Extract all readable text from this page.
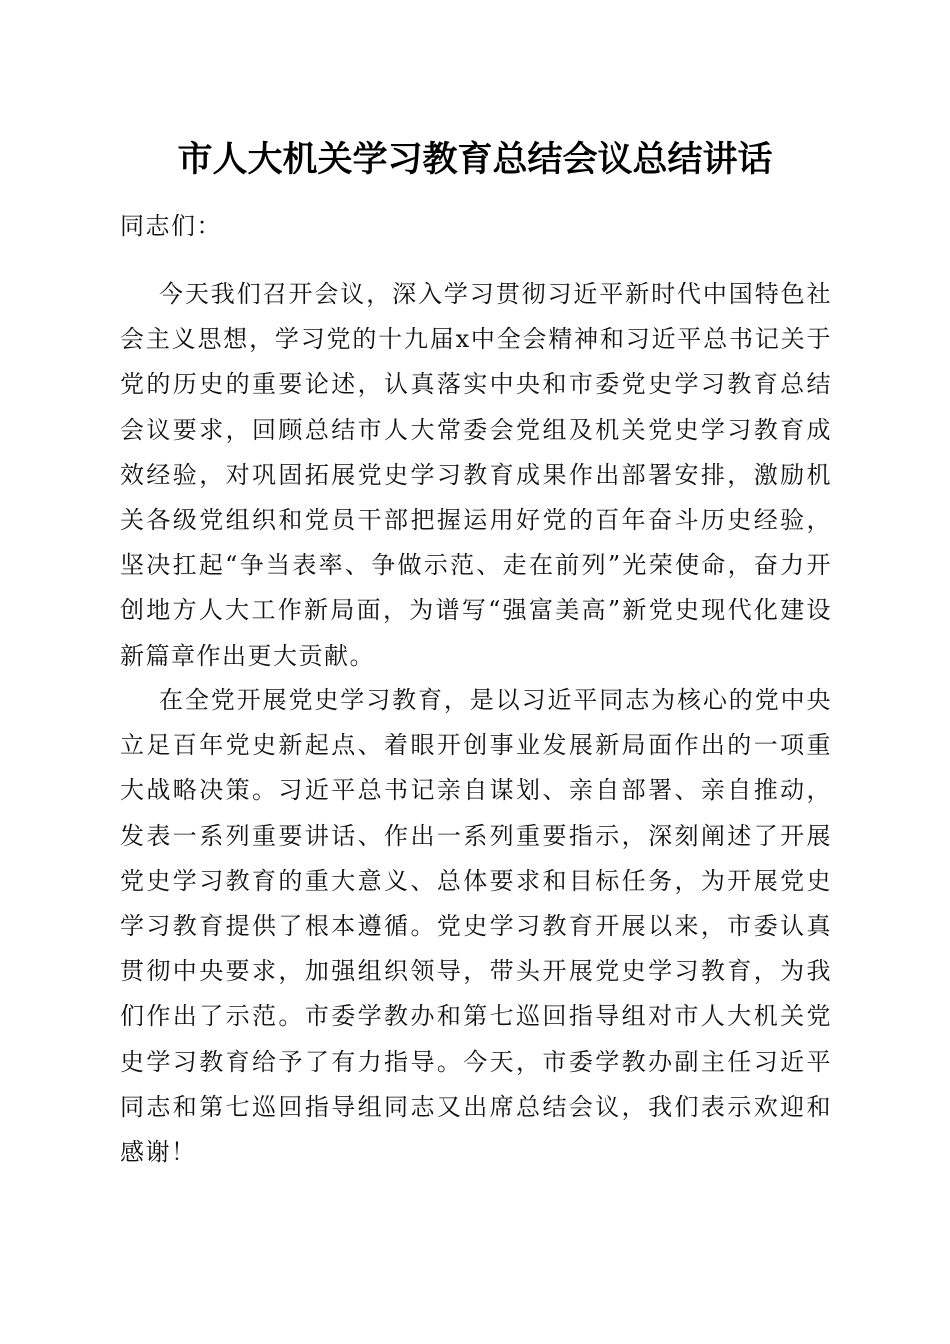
市人大机关学习教育总结会议总结讲话

同志们：

今天我们召开会议，深入学习贯彻习近平新时代中国特色社会主义思想，学习党的十九届x中全会精神和习近平总书记关于党的历史的重要论述，认真落实中央和市委党史学习教育总结会议要求，回顾总结市人大常委会党组及机关党史学习教育成效经验，对巩固拓展党史学习教育成果作出部署安排，激励机关各级党组织和党员干部把握运用好党的百年奋斗历史经验，坚决扛起“争当表率、争做示范、走在前列”光荣使命，奋力开创地方人大工作新局面，为谱写“强富美高”新党史现代化建设新篇章作出更大贡献。

在全党开展党史学习教育，是以习近平同志为核心的党中央立足百年党史新起点、着眼开创事业发展新局面作出的一项重大战略决策。习近平总书记亲自谋划、亲自部署、亲自推动，发表一系列重要讲话、作出一系列重要指示，深刻阐述了开展党史学习教育的重大意义、总体要求和目标任务，为开展党史学习教育提供了根本遵循。党史学习教育开展以来，市委认真贯彻中央要求，加强组织领导，带头开展党史学习教育，为我们作出了示范。市委学教办和第七巡回指导组对市人大机关党史学习教育给予了有力指导。今天，市委学教办副主任习近平同志和第七巡回指导组同志又出席总结会议，我们表示欢迎和感谢！
